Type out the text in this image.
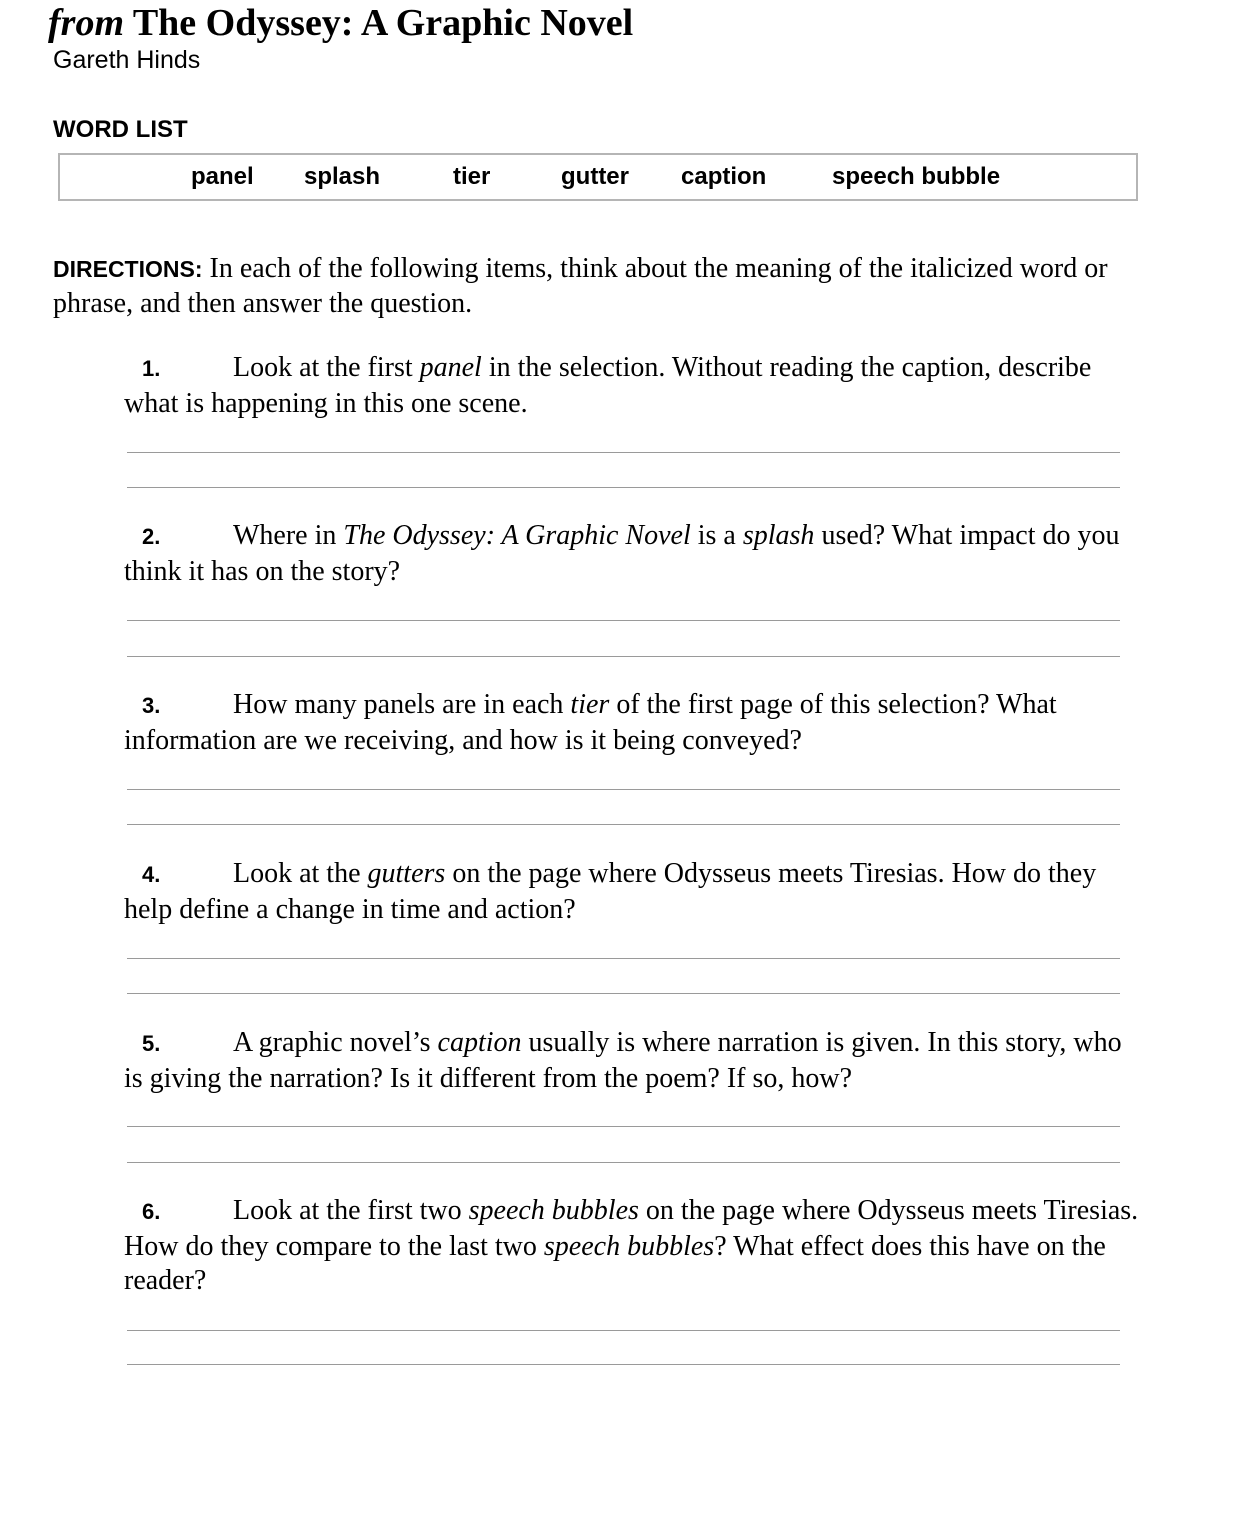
from The Odyssey: A Graphic Novel
Gareth Hinds
WORD LIST
panel splash	tier	gutter caption	speech bubble
DIRECTIONS: In each of the following items, think about the meaning of the italicized word or phrase, and then answer the question.
1.	Look at the first panel in the selection. Without reading the caption, describe what is happening in this one scene.
2.	Where in The Odyssey: A Graphic Novel is a splash used? What impact do you think it has on the story?
3.	How many panels are in each tier of the first page of this selection? What information are we receiving, and how is it being conveyed?
4.	Look at the gutters on the page where Odysseus meets Tiresias. How do they help define a change in time and action?
5.	A graphic novel’s caption usually is where narration is given. In this story, who is giving the narration? Is it different from the poem? If so, how?
6.	Look at the first two speech bubbles on the page where Odysseus meets Tiresias. How do they compare to the last two speech bubbles? What effect does this have on the reader?
